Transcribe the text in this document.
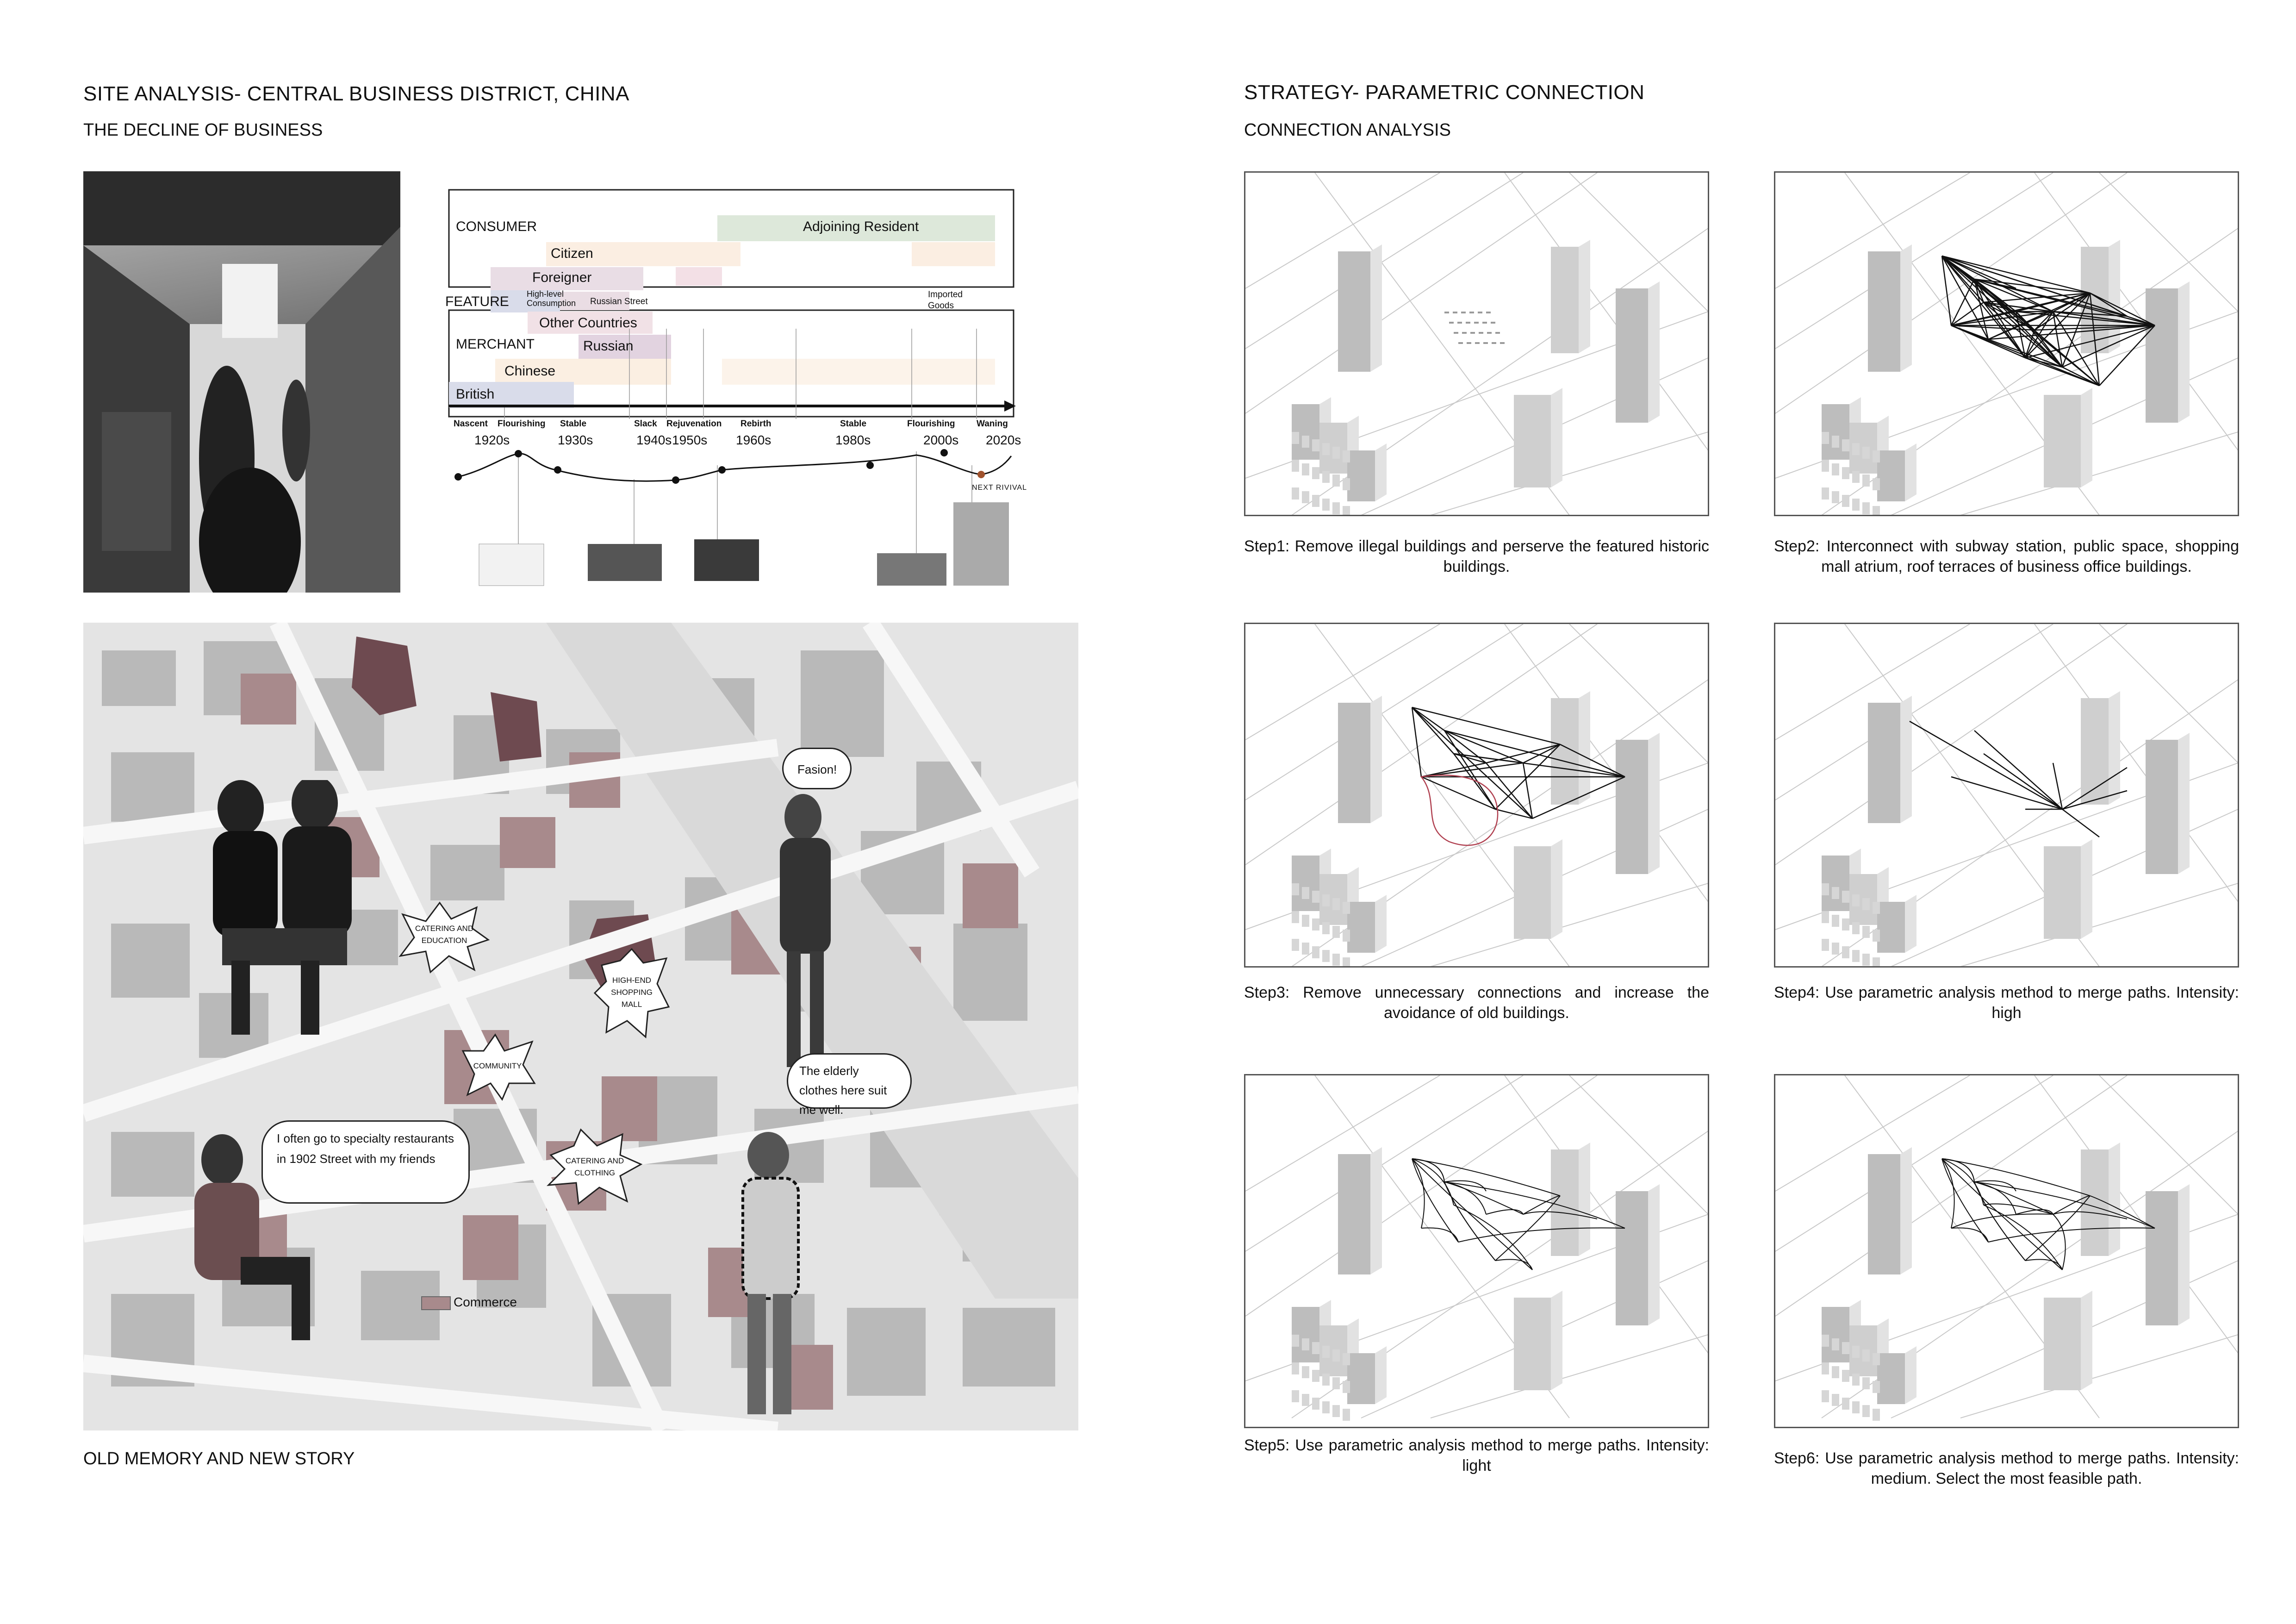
SITE ANALYSIS- CENTRAL BUSINESS DISTRICT, CHINA
THE DECLINE OF BUSINESS
CONSUMER	Adjoining Resident
Citizen
Foreigner
FEATURE High-level Consumption	Russian Street
Imported Goods
Other Countries
MERCHANT	Russian
Chinese
British
Nascent Flourishing Stable	Slack Rejuvenation Rebirth	Stable	Flourishing Waning
1920s	1930s	1940s 1950s 1960s	1980s	2000s 2020s
NEXT RIVIVAL
Fasion!
The elderly clothes here suit me well.
I often go to specialty restaurants in 1902 Street with my friends
CATERING AND EDUCATION
HIGH-END SHOPPING MALL
COMMUNITY
CATERING AND CLOTHING
Commerce
OLD MEMORY AND NEW STORY
STRATEGY- PARAMETRIC CONNECTION
CONNECTION ANALYSIS
Step1: Remove illegal buildings and perserve the featured historic buildings.
Step2: Interconnect with subway station, public space, shopping mall atrium, roof terraces of business office buildings.
Step3: Remove unnecessary connections and increase the avoidance of old buildings.
Step4: Use parametric analysis method to merge paths. Intensity: high
Step5: Use parametric analysis method to merge paths. Intensity: light	Step6: Use parametric analysis method to merge paths. Intensity: medium. Select the most feasible path.
